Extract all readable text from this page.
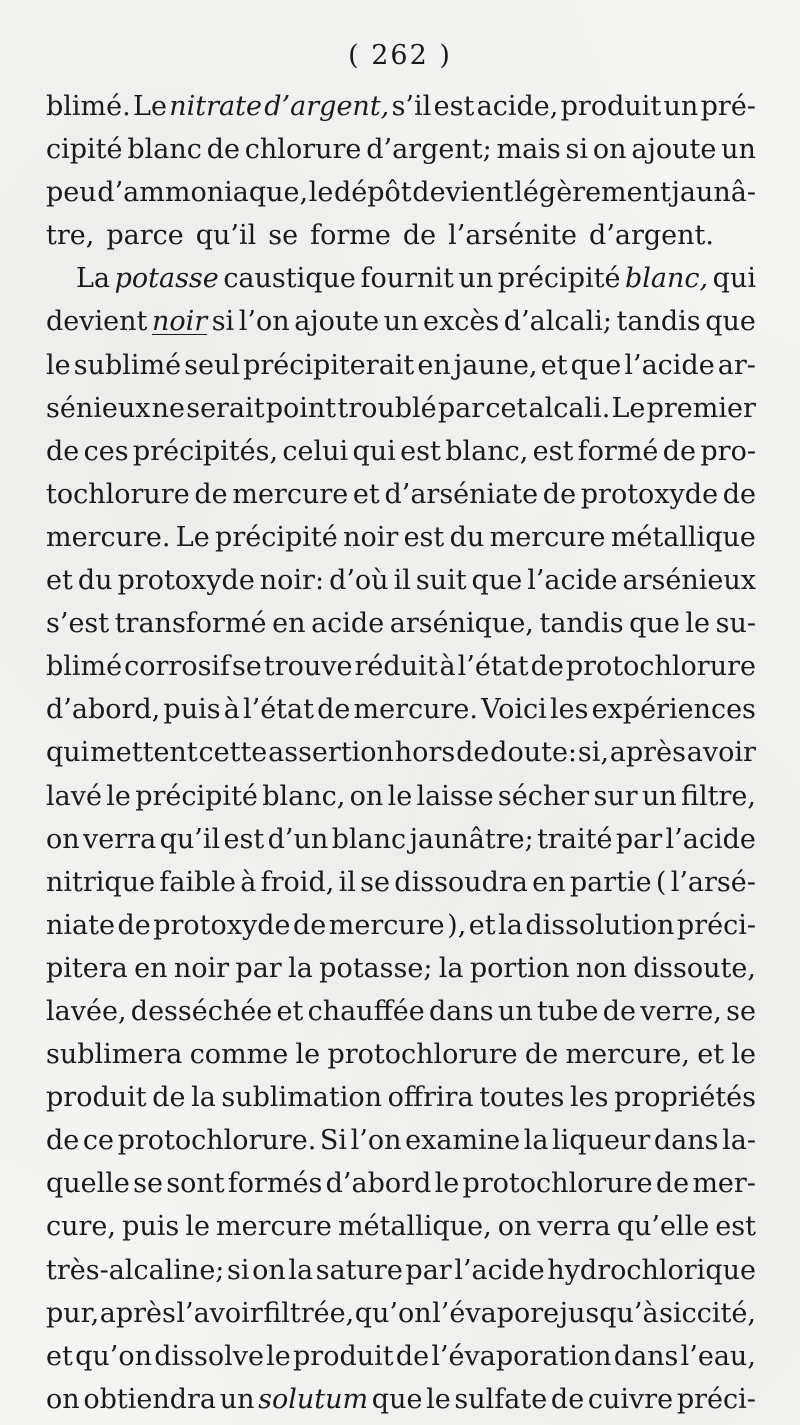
( 262 )
blimé. Le nitrate d’argent, s’il est acide, produit un pré-
cipité blanc de chlorure d’argent; mais si on ajoute un
peu d’ammoniaque, le dépôt devient légèrement jaunâ-
tre, parce qu’il se forme de l’arsénite d’argent.
La potasse caustique fournit un précipité blanc, qui
devient noir si l’on ajoute un excès d’alcali; tandis que
le sublimé seul précipiterait en jaune, et que l’acide ar-
sénieux ne serait point troublé par cet alcali. Le premier
de ces précipités, celui qui est blanc, est formé de pro-
tochlorure de mercure et d’arséniate de protoxyde de
mercure. Le précipité noir est du mercure métallique
et du protoxyde noir: d’où il suit que l’acide arsénieux
s’est transformé en acide arsénique, tandis que le su-
blimé corrosif se trouve réduit à l’état de protochlorure
d’abord, puis à l’état de mercure. Voici les expériences
qui mettent cette assertion hors de doute: si, après avoir
lavé le précipité blanc, on le laisse sécher sur un filtre,
on verra qu’il est d’un blanc jaunâtre; traité par l’acide
nitrique faible à froid, il se dissoudra en partie ( l’arsé-
niate de protoxyde de mercure ), et la dissolution préci-
pitera en noir par la potasse; la portion non dissoute,
lavée, desséchée et chauffée dans un tube de verre, se
sublimera comme le protochlorure de mercure, et le
produit de la sublimation offrira toutes les propriétés
de ce protochlorure. Si l’on examine la liqueur dans la-
quelle se sont formés d’abord le protochlorure de mer-
cure, puis le mercure métallique, on verra qu’elle est
très-alcaline; si on la sature par l’acide hydrochlorique
pur, après l’avoir filtrée, qu’on l’évapore jusqu’à siccité,
et qu’on dissolve le produit de l’évaporation dans l’eau,
on obtiendra un solutum que le sulfate de cuivre préci-
